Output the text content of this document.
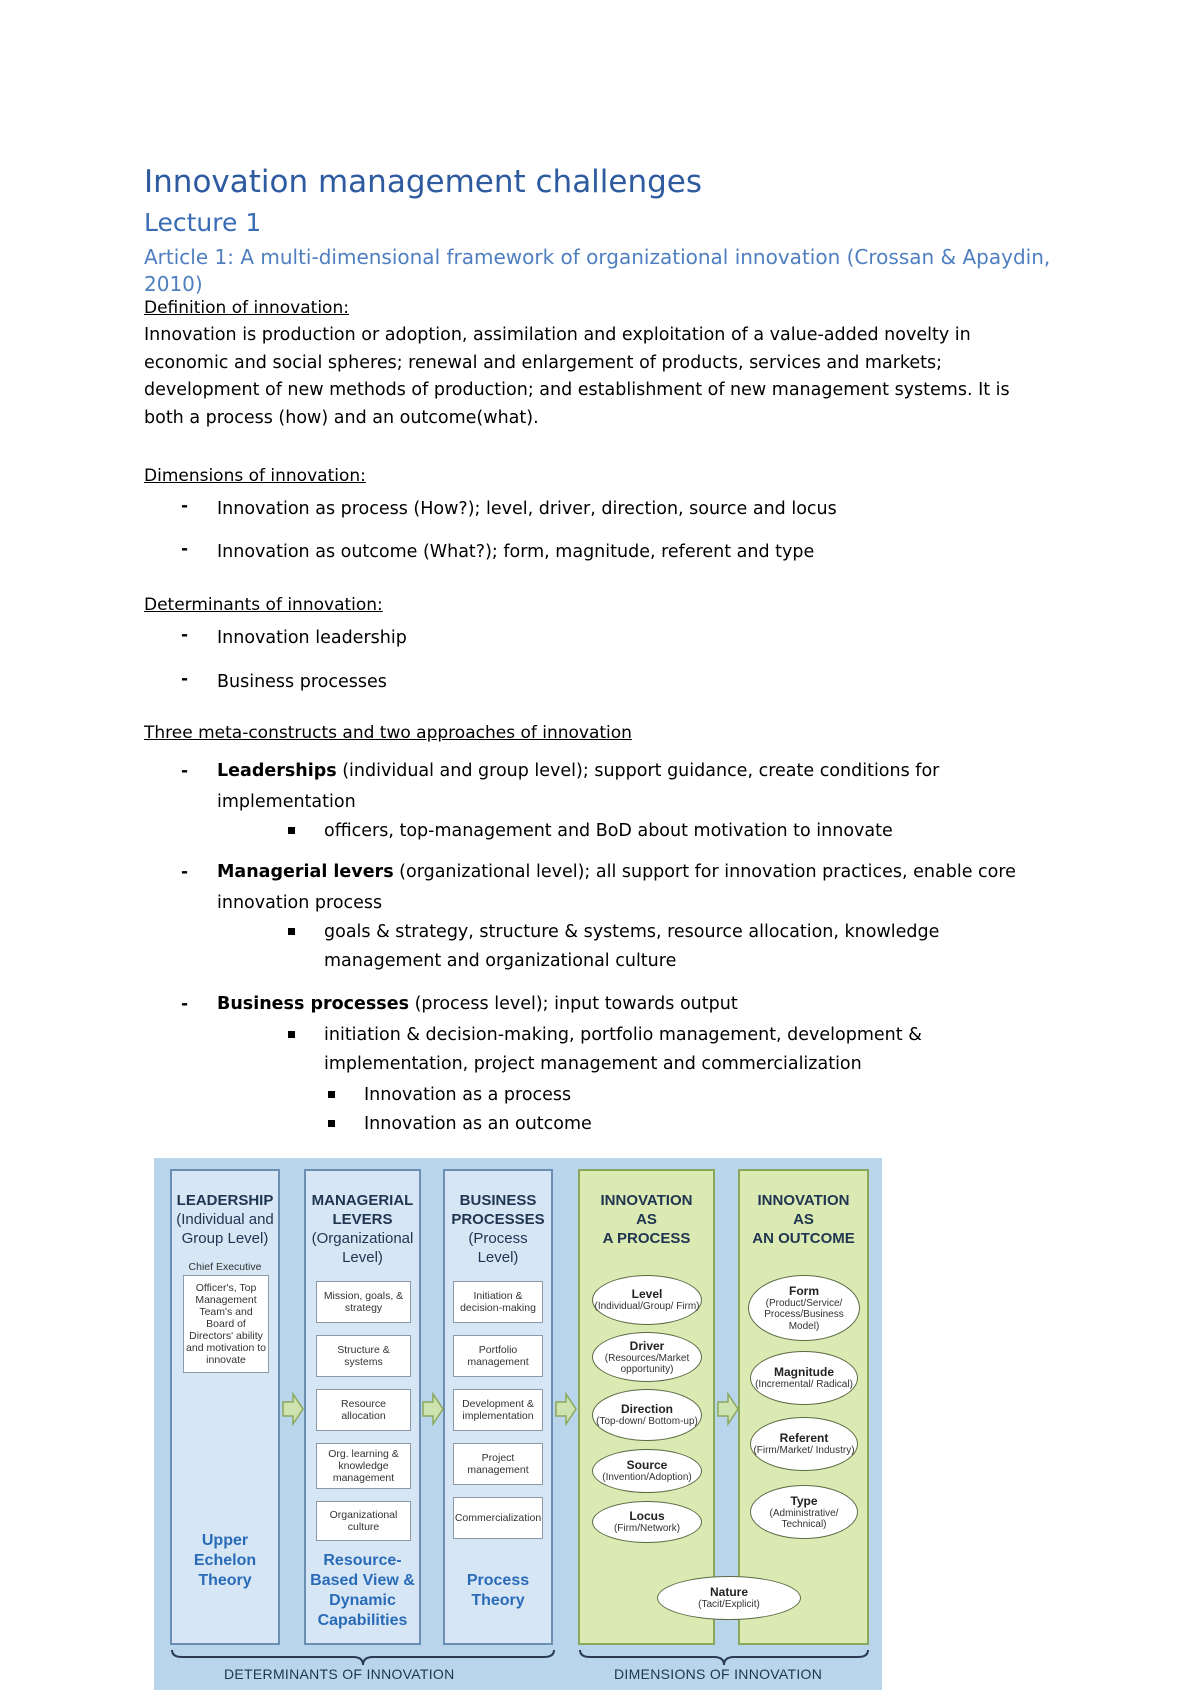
Innovation management challenges
Lecture 1
Article 1: A multi-dimensional framework of organizational innovation (Crossan & Apaydin, 2010)
Definition of innovation:
Innovation is production or adoption, assimilation and exploitation of a value-added novelty in
economic and social spheres; renewal and enlargement of products, services and markets;
development of new methods of production; and establishment of new management systems. It is
both a process (how) and an outcome(what).
Dimensions of innovation:
- Innovation as process (How?); level, driver, direction, source and locus
- Innovation as outcome (What?); form, magnitude, referent and type
Determinants of innovation:
- Innovation leadership
- Business processes
Three meta-constructs and two approaches of innovation
- Leaderships (individual and group level); support guidance, create conditions for
implementation
officers, top-management and BoD about motivation to innovate
- Managerial levers (organizational level); all support for innovation practices, enable core
innovation process
goals & strategy, structure & systems, resource allocation, knowledge
management and organizational culture
- Business processes (process level); input towards output
initiation & decision-making, portfolio management, development &
implementation, project management and commercialization
Innovation as a process
Innovation as an outcome
LEADERSHIP
(Individual and
Group Level)
Chief Executive
Officer's, Top Management Team's and Board of Directors' ability and motivation to innovate
Upper
Echelon
Theory
MANAGERIAL
LEVERS
(Organizational
Level)
Mission, goals, & strategy
Structure & systems
Resource allocation
Org. learning & knowledge management
Organizational culture
Resource-
Based View &
Dynamic
Capabilities
BUSINESS
PROCESSES
(Process
Level)
Initiation & decision-making
Portfolio management
Development & implementation
Project management
Commercialization
Process
Theory
INNOVATION
AS
A PROCESS
Level
(Individual/Group/ Firm)
Driver
(Resources/Market opportunity)
Direction
(Top-down/ Bottom-up)
Source
(Invention/Adoption)
Locus
(Firm/Network)
INNOVATION
AS
AN OUTCOME
Form
(Product/Service/ Process/Business Model)
Magnitude
(Incremental/ Radical)
Referent
(Firm/Market/ Industry)
Type
(Administrative/ Technical)
Nature
(Tacit/Explicit)
DETERMINANTS OF INNOVATION	DIMENSIONS OF INNOVATION
